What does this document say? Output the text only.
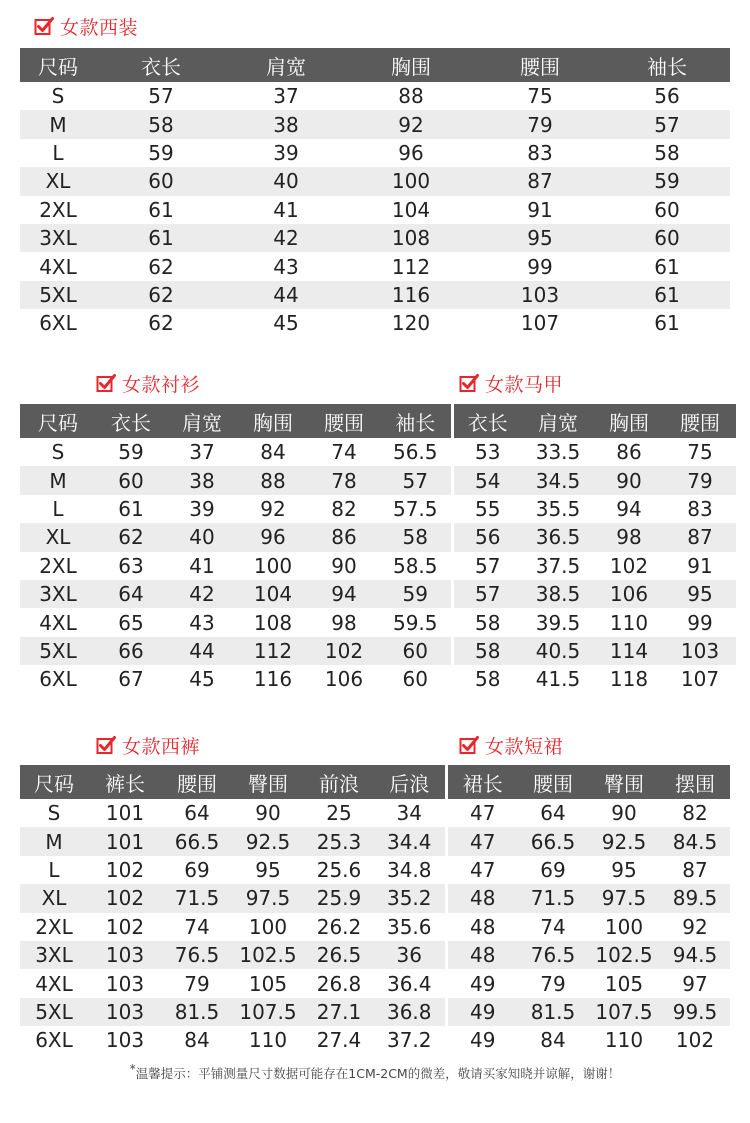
女款西装
尺码	衣长	肩宽	胸围	腰围	袖长
S	57	37	88	75	56
M	58	38	92	79	57
L	59	39	96	83	58
XL	60	40	100	87	59
2XL	61	41	104	91	60
3XL	61	42	108	95	60
4XL	62	43	112	99	61
5XL	62	44	116	103	61
6XL	62	45	120	107	61
女款衬衫	女款马甲
尺码	衣长	肩宽	胸围	腰围	袖长	衣长	肩宽	胸围	腰围
S	59	37	84	74	56.5	53	33.5	86	75
M	60	38	88	78	57	54	34.5	90	79
L	61	39	92	82	57.5	55	35.5	94	83
XL	62	40	96	86	58	56	36.5	98	87
2XL	63	41	100	90	58.5	57	37.5	102	91
3XL	64	42	104	94	59	57	38.5	106	95
4XL	65	43	108	98	59.5	58	39.5	110	99
5XL	66	44	112	102	60	58	40.5	114	103
6XL	67	45	116	106	60	58	41.5	118	107
女款西裤	女款短裙
尺码	裤长	腰围	臀围	前浪	后浪	裙长	腰围	臀围	摆围
S	101	64	90	25	34	47	64	90	82
M	101	66.5	92.5	25.3	34.4	47	66.5	92.5	84.5
L	102	69	95	25.6	34.8	47	69	95	87
XL	102	71.5	97.5	25.9	35.2	48	71.5	97.5	89.5
2XL	102	74	100	26.2	35.6	48	74	100	92
3XL	103	76.5	102.5	26.5	36	48	76.5	102.5	94.5
4XL	103	79	105	26.8	36.4	49	79	105	97
5XL	103	81.5	107.5	27.1	36.8	49	81.5	107.5	99.5
6XL	103	84	110	27.4	37.2	49	84	110	102
*温馨提示：平铺测量尺寸数据可能存在1CM-2CM的微差，敬请买家知晓并谅解，谢谢！
